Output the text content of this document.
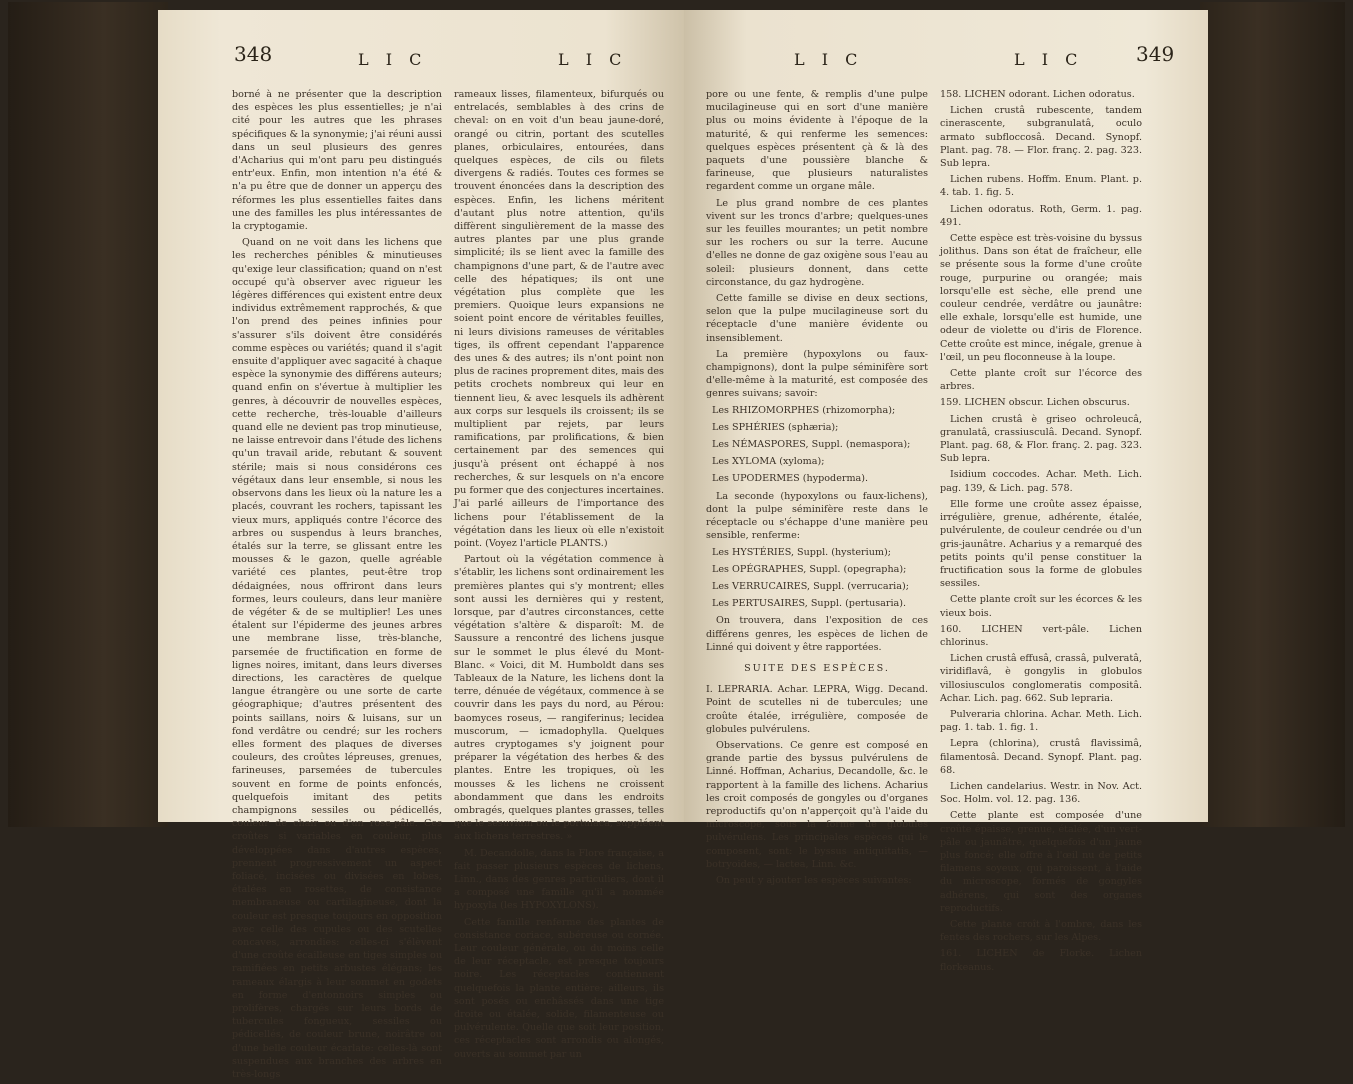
348	L I C	L I C

borné à ne présenter que la description des espèces les plus essentielles; je n'ai cité pour les autres que les phrases spécifiques & la synonymie; j'ai réuni aussi dans un seul plusieurs des genres d'Acharius qui m'ont paru peu distingués entr'eux. Enfin, mon intention n'a été & n'a pu être que de donner un apperçu des réformes les plus essentielles faites dans une des familles les plus intéressantes de la cryptogamie.

Quand on ne voit dans les lichens que les recherches pénibles & minutieuses qu'exige leur classification; quand on n'est occupé qu'à observer avec rigueur les légères différences qui existent entre deux individus extrêmement rapprochés, & que l'on prend des peines infinies pour s'assurer s'ils doivent être considérés comme espèces ou variétés; quand il s'agit ensuite d'appliquer avec sagacité à chaque espèce la synonymie des différens auteurs; quand enfin on s'évertue à multiplier les genres, à découvrir de nouvelles espèces, cette recherche, très-louable d'ailleurs quand elle ne devient pas trop minutieuse, ne laisse entrevoir dans l'étude des lichens qu'un travail aride, rebutant & souvent stérile; mais si nous considérons ces végétaux dans leur ensemble, si nous les observons dans les lieux où la nature les a placés, couvrant les rochers, tapissant les vieux murs, appliqués contre l'écorce des arbres ou suspendus à leurs branches, étalés sur la terre, se glissant entre les mousses & le gazon, quelle agréable variété ces plantes, peut-être trop dédaignées, nous offriront dans leurs formes, leurs couleurs, dans leur manière de végéter & de se multiplier! Les unes étalent sur l'épiderme des jeunes arbres une membrane lisse, très-blanche, parsemée de fructification en forme de lignes noires, imitant, dans leurs diverses directions, les caractères de quelque langue étrangère ou une sorte de carte géographique; d'autres présentent des points saillans, noirs & luisans, sur un fond verdâtre ou cendré; sur les rochers elles forment des plaques de diverses couleurs, des croûtes lépreuses, grenues, farineuses, parsemées de tubercules souvent en forme de points enfoncés, quelquefois imitant des petits champignons sessiles ou pédicellés, couleur de chair ou d'un rose-pâle. Ces croûtes si variables en couleur, plus développées dans d'autres espèces, prennent progressivement un aspect foliacé, incisées ou divisées en lobes, étalées en rosettes, de consistance membraneuse ou cartilagineuse, dont la couleur est presque toujours en opposition avec celle des cupules ou des scutelles concaves, arrondies: celles-ci s'élèvent d'une croûte écailleuse en tiges simples ou ramifiées en petits arbustes élégans; les rameaux élargis à leur sommet en godets en forme d'entonnoirs simples ou prolifères, chargés sur leurs bords de tubercules fongueux, sessiles ou pédicellés, de couleur brune, noirâtre ou d'une belle couleur écarlate: celles-là sont suspendues aux branches des arbres en très-longs

rameaux lisses, filamenteux, bifurqués ou entrelacés, semblables à des crins de cheval: on en voit d'un beau jaune-doré, orangé ou citrin, portant des scutelles planes, orbiculaires, entourées, dans quelques espèces, de cils ou filets divergens & radiés. Toutes ces formes se trouvent énoncées dans la description des espèces. Enfin, les lichens méritent d'autant plus notre attention, qu'ils diffèrent singulièrement de la masse des autres plantes par une plus grande simplicité; ils se lient avec la famille des champignons d'une part, & de l'autre avec celle des hépatiques; ils ont une végétation plus complète que les premiers. Quoique leurs expansions ne soient point encore de véritables feuilles, ni leurs divisions rameuses de véritables tiges, ils offrent cependant l'apparence des unes & des autres; ils n'ont point non plus de racines proprement dites, mais des petits crochets nombreux qui leur en tiennent lieu, & avec lesquels ils adhèrent aux corps sur lesquels ils croissent; ils se multiplient par rejets, par leurs ramifications, par prolifications, & bien certainement par des semences qui jusqu'à présent ont échappé à nos recherches, & sur lesquels on n'a encore pu former que des conjectures incertaines. J'ai parlé ailleurs de l'importance des lichens pour l'établissement de la végétation dans les lieux où elle n'existoit point. (Voyez l'article PLANTS.)

Partout où la végétation commence à s'établir, les lichens sont ordinairement les premières plantes qui s'y montrent; elles sont aussi les dernières qui y restent, lorsque, par d'autres circonstances, cette végétation s'altère & disparoît: M. de Saussure a rencontré des lichens jusque sur le sommet le plus élevé du Mont-Blanc. « Voici, dit M. Humboldt dans ses Tableaux de la Nature, les lichens dont la terre, dénuée de végétaux, commence à se couvrir dans les pays du nord, au Pérou: baomyces roseus, — rangiferinus; lecidea muscorum, — icmadophylla. Quelques autres cryptogames s'y joignent pour préparer la végétation des herbes & des plantes. Entre les tropiques, où les mousses & les lichens ne croissent abondamment que dans les endroits ombragés, quelques plantes grasses, telles que le sesuvium ou le portulaca, suppléent aux lichens terrestres. »

M. Decandolle, dans la Flore française, a fait passer plusieurs espèces de lichens, Linn., dans des genres particuliers, dont il a composé une famille qu'il a nommée hypoxyla (les HYPOXYLONS).

Cette famille renferme des plantes de consistance coriace, subéreuse ou cornée. Leur couleur générale, ou du moins celle de leur réceptacle, est presque toujours noire. Les réceptacles contiennent quelquefois la plante entière; ailleurs, ils sont posés ou enchâssés dans une tige droite ou étalée, solide, filamenteuse ou pulvérulente. Quelle que soit leur position, ces réceptacles sont arrondis ou alongés, ouverts au sommet par un

L I C	L I C	349

pore ou une fente, & remplis d'une pulpe mucilagineuse qui en sort d'une manière plus ou moins évidente à l'époque de la maturité, & qui renferme les semences: quelques espèces présentent çà & là des paquets d'une poussière blanche & farineuse, que plusieurs naturalistes regardent comme un organe mâle.

Le plus grand nombre de ces plantes vivent sur les troncs d'arbre; quelques-unes sur les feuilles mourantes; un petit nombre sur les rochers ou sur la terre. Aucune d'elles ne donne de gaz oxigène sous l'eau au soleil: plusieurs donnent, dans cette circonstance, du gaz hydrogène.

Cette famille se divise en deux sections, selon que la pulpe mucilagineuse sort du réceptacle d'une manière évidente ou insensiblement.

La première (hypoxylons ou faux-champignons), dont la pulpe séminifère sort d'elle-même à la maturité, est composée des genres suivans; savoir:

Les RHIZOMORPHES (rhizomorpha);

Les SPHÉRIES (sphæria);

Les NÉMASPORES, Suppl. (nemaspora);

Les XYLOMA (xyloma);

Les UPODERMES (hypoderma).

La seconde (hypoxylons ou faux-lichens), dont la pulpe séminifère reste dans le réceptacle ou s'échappe d'une manière peu sensible, renferme:

Les HYSTÉRIES, Suppl. (hysterium);

Les OPÉGRAPHES, Suppl. (opegrapha);

Les VERRUCAIRES, Suppl. (verrucaria);

Les PERTUSAIRES, Suppl. (pertusaria).

On trouvera, dans l'exposition de ces différens genres, les espèces de lichen de Linné qui doivent y être rapportées.

SUITE DES ESPÈCES.

I. LEPRARIA. Achar. LEPRA, Wigg. Decand. Point de scutelles ni de tubercules; une croûte étalée, irrégulière, composée de globules pulvérulens.

Observations. Ce genre est composé en grande partie des byssus pulvérulens de Linné. Hoffman, Acharius, Decandolle, &c. le rapportent à la famille des lichens. Acharius les croit composés de gongyles ou d'organes reproductifs qu'on n'apperçoit qu'à l'aide du microscope, sous la forme de globules pulvérulens. Les principales espèces qui le composent, sont: le byssus antiquitatis, — botryoides, — lactea, Linn. &c.

On peut y ajouter les espèces suivantes:

158. LICHEN odorant. Lichen odoratus.

Lichen crustâ rubescente, tandem cinerascente, subgranulatâ, oculo armato subfloccosâ. Decand. Synopf. Plant. pag. 78. — Flor. franç. 2. pag. 323. Sub lepra.

Lichen rubens. Hoffm. Enum. Plant. p. 4. tab. 1. fig. 5.

Lichen odoratus. Roth, Germ. 1. pag. 491.

Cette espèce est très-voisine du byssus jolithus. Dans son état de fraîcheur, elle se présente sous la forme d'une croûte rouge, purpurine ou orangée; mais lorsqu'elle est sèche, elle prend une couleur cendrée, verdâtre ou jaunâtre: elle exhale, lorsqu'elle est humide, une odeur de violette ou d'iris de Florence. Cette croûte est mince, inégale, grenue à l'œil, un peu floconneuse à la loupe.

Cette plante croît sur l'écorce des arbres.

159. LICHEN obscur. Lichen obscurus.

Lichen crustâ è griseo ochroleucâ, granulatâ, crassiusculâ. Decand. Synopf. Plant. pag. 68, & Flor. franç. 2. pag. 323. Sub lepra.

Isidium coccodes. Achar. Meth. Lich. pag. 139, & Lich. pag. 578.

Elle forme une croûte assez épaisse, irrégulière, grenue, adhérente, étalée, pulvérulente, de couleur cendrée ou d'un gris-jaunâtre. Acharius y a remarqué des petits points qu'il pense constituer la fructification sous la forme de globules sessiles.

Cette plante croît sur les écorces & les vieux bois.

160. LICHEN vert-pâle. Lichen chlorinus.

Lichen crustâ effusâ, crassâ, pulveratâ, viridiflavâ, è gongylis in globulos villosiusculos conglomeratis compositâ. Achar. Lich. pag. 662. Sub lepraria.

Pulveraria chlorina. Achar. Meth. Lich. pag. 1. tab. 1. fig. 1.

Lepra (chlorina), crustâ flavissimâ, filamentosâ. Decand. Synopf. Plant. pag. 68.

Lichen candelarius. Westr. in Nov. Act. Soc. Holm. vol. 12. pag. 136.

Cette plante est composée d'une croûte épaisse, grenue, étalée, d'un vert-pâle ou jaunâtre, quelquefois d'un jaune plus foncé; elle offre à l'œil nu de petits filamens soyeux, qui paroissent, à l'aide du microscope, formés de gongyles adhérens, qui sont des organes reproductifs.

Cette plante croît à l'ombre, dans les fentes des rochers, sur les Alpes.

161. LICHEN de Florke. Lichen florkeanus.
